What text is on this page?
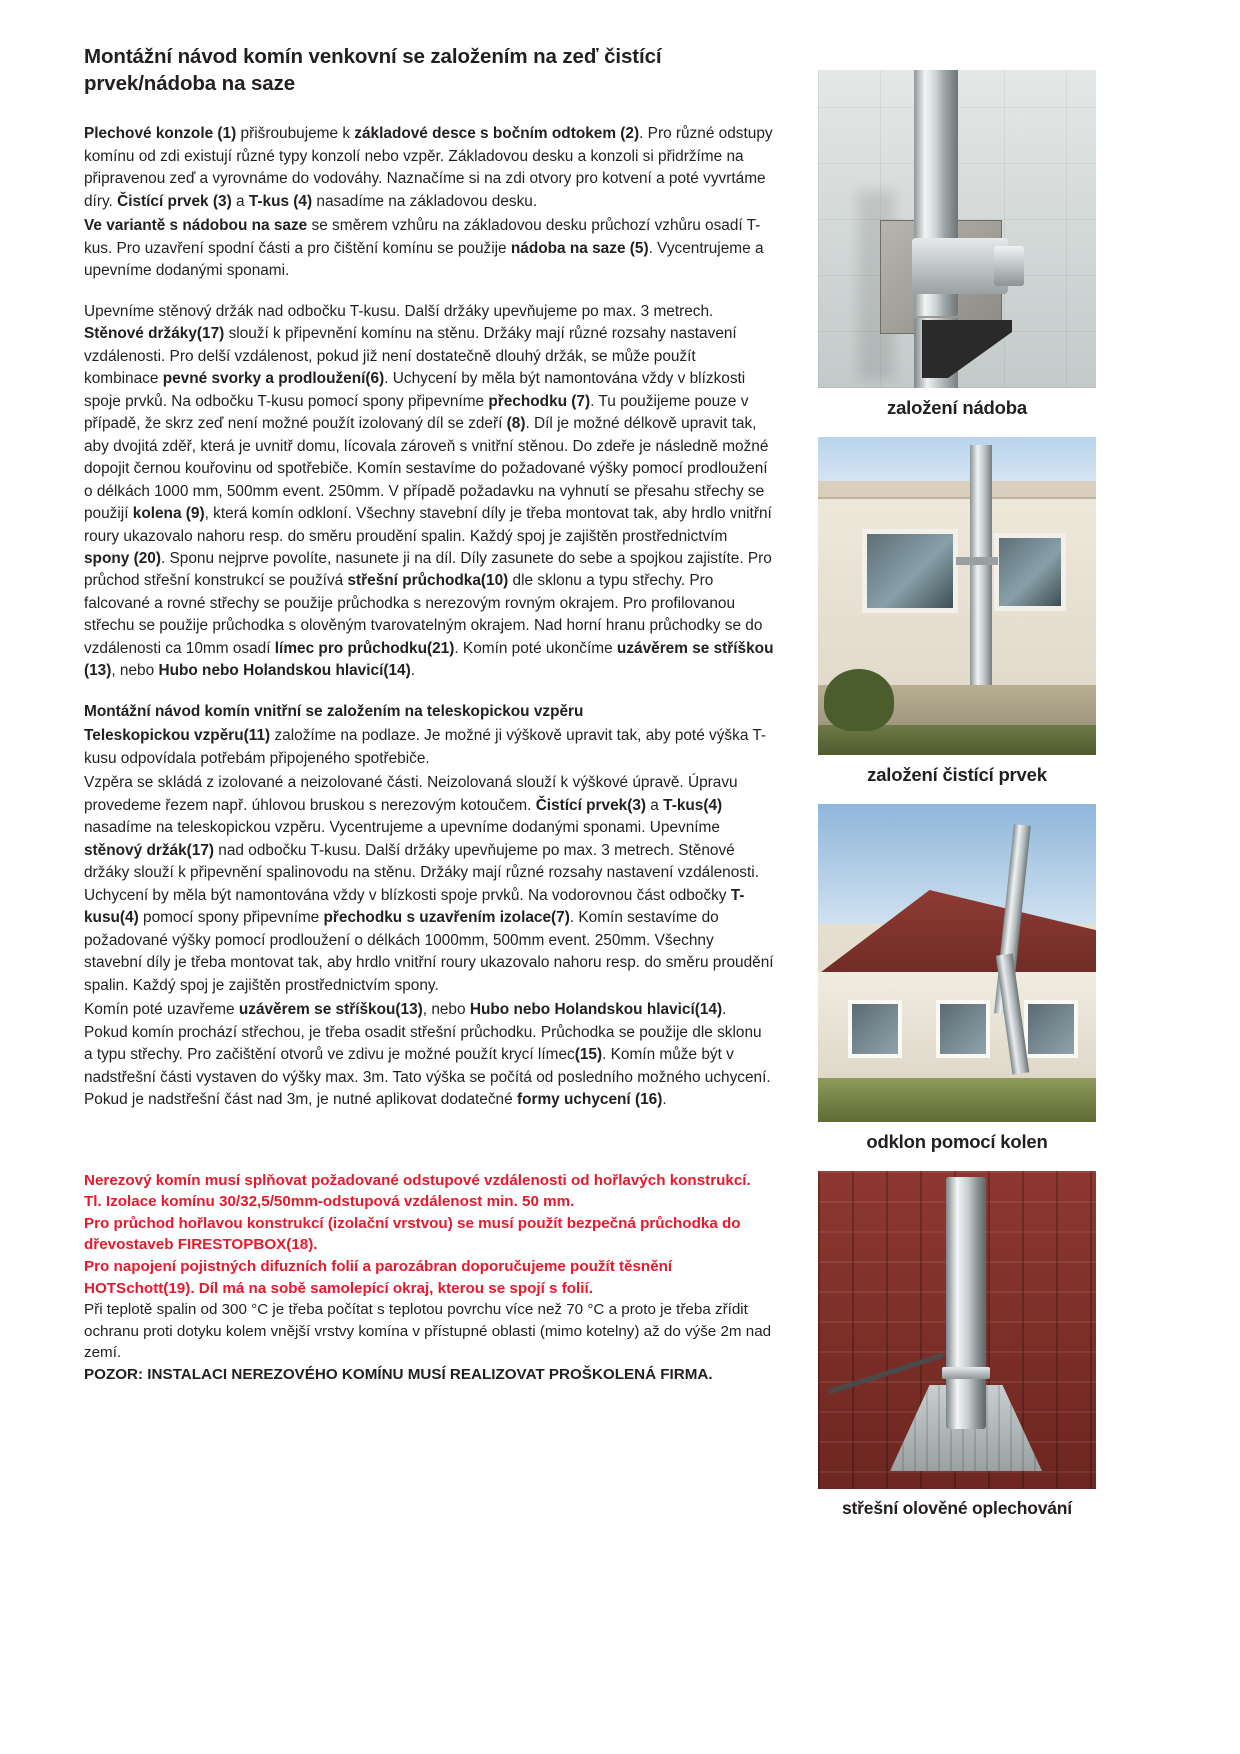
Montážní návod komín venkovní se založením na zeď čistící prvek/nádoba na saze

Plechové konzole (1) přišroubujeme k základové desce s bočním odtokem (2). Pro různé odstupy komínu od zdi existují různé typy konzolí nebo vzpěr. Základovou desku a konzoli si přidržíme na připravenou zeď a vyrovnáme do vodováhy. Naznačíme si na zdi otvory pro kotvení a poté vyvrtáme díry. Čistící prvek (3) a T-kus (4) nasadíme na základovou desku.

Ve variantě s nádobou na saze se směrem vzhůru na základovou desku průchozí vzhůru osadí T-kus. Pro uzavření spodní části a pro čištění komínu se použije nádoba na saze (5). Vycentrujeme a upevníme dodanými sponami.

Upevníme stěnový držák nad odbočku T-kusu. Další držáky upevňujeme po max. 3 metrech. Stěnové držáky(17) slouží k připevnění komínu na stěnu. Držáky mají různé rozsahy nastavení vzdálenosti. Pro delší vzdálenost, pokud již není dostatečně dlouhý držák, se může použít kombinace pevné svorky a prodloužení(6). Uchycení by měla být namontována vždy v blízkosti spoje prvků. Na odbočku T-kusu pomocí spony připevníme přechodku (7). Tu použijeme pouze v případě, že skrz zeď není možné použít izolovaný díl se zdeří (8). Díl je možné délkově upravit tak, aby dvojitá zděř, která je uvnitř domu, lícovala zároveň s vnitřní stěnou. Do zdeře je následně možné dopojit černou kouřovinu od spotřebiče. Komín sestavíme do požadované výšky pomocí prodloužení o délkách 1000 mm, 500mm event. 250mm. V případě požadavku na vyhnutí se přesahu střechy se použijí kolena (9), která komín odkloní. Všechny stavební díly je třeba montovat tak, aby hrdlo vnitřní roury ukazovalo nahoru resp. do směru proudění spalin. Každý spoj je zajištěn prostřednictvím spony (20). Sponu nejprve povolíte, nasunete ji na díl. Díly zasunete do sebe a spojkou zajistíte. Pro průchod střešní konstrukcí se používá střešní průchodka(10) dle sklonu a typu střechy. Pro falcované a rovné střechy se použije průchodka s nerezovým rovným okrajem. Pro profilovanou střechu se použije průchodka s olověným tvarovatelným okrajem. Nad horní hranu průchodky se do vzdálenosti ca 10mm osadí límec pro průchodku(21). Komín poté ukončíme uzávěrem se stříškou (13), nebo Hubo nebo Holandskou hlavicí(14).

Montážní návod komín vnitřní se založením na teleskopickou vzpěru

Teleskopickou vzpěru(11) založíme na podlaze. Je možné ji výškově upravit tak, aby poté výška T-kusu odpovídala potřebám připojeného spotřebiče.

Vzpěra se skládá z izolované a neizolované části. Neizolovaná slouží k výškové úpravě. Úpravu provedeme řezem např. úhlovou bruskou s nerezovým kotoučem. Čistící prvek(3) a T-kus(4) nasadíme na teleskopickou vzpěru. Vycentrujeme a upevníme dodanými sponami. Upevníme stěnový držák(17) nad odbočku T-kusu. Další držáky upevňujeme po max. 3 metrech. Stěnové držáky slouží k připevnění spalinovodu na stěnu. Držáky mají různé rozsahy nastavení vzdálenosti. Uchycení by měla být namontována vždy v blízkosti spoje prvků. Na vodorovnou část odbočky T-kusu(4) pomocí spony připevníme přechodku s uzavřením izolace(7). Komín sestavíme do požadované výšky pomocí prodloužení o délkách 1000mm, 500mm event. 250mm. Všechny stavební díly je třeba montovat tak, aby hrdlo vnitřní roury ukazovalo nahoru resp. do směru proudění spalin. Každý spoj je zajištěn prostřednictvím spony.

Komín poté uzavřeme uzávěrem se stříškou(13), nebo Hubo nebo Holandskou hlavicí(14). Pokud komín prochází střechou, je třeba osadit střešní průchodku. Průchodka se použije dle sklonu a typu střechy. Pro začištění otvorů ve zdivu je možné použít krycí límec(15). Komín může být v nadstřešní části vystaven do výšky max. 3m. Tato výška se počítá od posledního možného uchycení. Pokud je nadstřešní část nad 3m, je nutné aplikovat dodatečné formy uchycení (16).

Nerezový komín musí splňovat požadované odstupové vzdálenosti od hořlavých konstrukcí.

Tl. Izolace komínu 30/32,5/50mm-odstupová vzdálenost min. 50 mm.

Pro průchod hořlavou konstrukcí (izolační vrstvou) se musí použít bezpečná průchodka do dřevostaveb FIRESTOPBOX(18).

Pro napojení pojistných difuzních folií a parozábran doporučujeme použít těsnění HOTSchott(19). Díl má na sobě samolepící okraj, kterou se spojí s folií.

Při teplotě spalin od 300 °C je třeba počítat s teplotou povrchu více než 70 °C a proto je třeba zřídit ochranu proti dotyku kolem vnější vrstvy komína v přístupné oblasti (mimo kotelny) až do výše 2m nad zemí.

POZOR: INSTALACI NEREZOVÉHO KOMÍNU MUSÍ REALIZOVAT PROŠKOLENÁ FIRMA.

založení nádoba
založení čistící prvek
odklon pomocí kolen
střešní olověné oplechování
